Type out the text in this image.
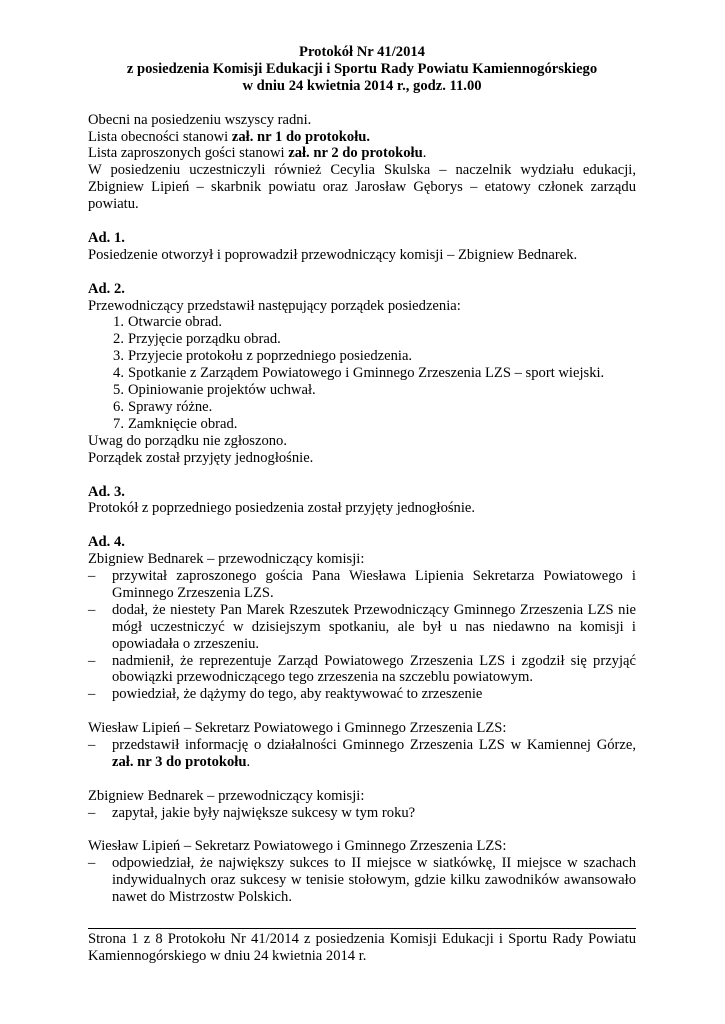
Protokół Nr 41/2014
z posiedzenia Komisji Edukacji i Sportu Rady Powiatu Kamiennogórskiego
w dniu 24 kwietnia 2014 r., godz. 11.00
Obecni na posiedzeniu wszyscy radni.
Lista obecności stanowi zał. nr 1 do protokołu.
Lista zaproszonych gości stanowi zał. nr 2 do protokołu.
W posiedzeniu uczestniczyli również Cecylia Skulska – naczelnik wydziału edukacji, Zbigniew Lipień – skarbnik powiatu oraz Jarosław Gęborys – etatowy członek zarządu powiatu.
Ad. 1.
Posiedzenie otworzył i poprowadził przewodniczący komisji – Zbigniew Bednarek.
Ad. 2.
Przewodniczący przedstawił następujący porządek posiedzenia:
1. Otwarcie obrad.
2. Przyjęcie porządku obrad.
3. Przyjecie protokołu z poprzedniego posiedzenia.
4. Spotkanie z Zarządem Powiatowego i Gminnego Zrzeszenia LZS – sport wiejski.
5. Opiniowanie projektów uchwał.
6. Sprawy różne.
7. Zamknięcie obrad.
Uwag do porządku nie zgłoszono.
Porządek został przyjęty jednogłośnie.
Ad. 3.
Protokół z poprzedniego posiedzenia został przyjęty jednogłośnie.
Ad. 4.
Zbigniew Bednarek – przewodniczący komisji:
– przywitał zaproszonego gościa Pana Wiesława Lipienia Sekretarza Powiatowego i Gminnego Zrzeszenia LZS.
– dodał, że niestety Pan Marek Rzeszutek Przewodniczący Gminnego Zrzeszenia LZS nie mógł uczestniczyć w dzisiejszym spotkaniu, ale był u nas niedawno na komisji i opowiadała o zrzeszeniu.
– nadmienił, że reprezentuje Zarząd Powiatowego Zrzeszenia LZS i zgodził się przyjąć obowiązki przewodniczącego tego zrzeszenia na szczeblu powiatowym.
– powiedział, że dążymy do tego, aby reaktywować to zrzeszenie
Wiesław Lipień – Sekretarz Powiatowego i Gminnego Zrzeszenia LZS:
– przedstawił informację o działalności Gminnego Zrzeszenia LZS w Kamiennej Górze, zał. nr 3 do protokołu.
Zbigniew Bednarek – przewodniczący komisji:
– zapytał, jakie były największe sukcesy w tym roku?
Wiesław Lipień – Sekretarz Powiatowego i Gminnego Zrzeszenia LZS:
– odpowiedział, że największy sukces to II miejsce w siatkówkę, II miejsce w szachach indywidualnych oraz sukcesy w tenisie stołowym, gdzie kilku zawodników awansowało nawet do Mistrzostw Polskich.
Strona 1 z 8 Protokołu Nr 41/2014 z posiedzenia Komisji Edukacji i Sportu Rady Powiatu
Kamiennogórskiego w dniu 24 kwietnia 2014 r.
